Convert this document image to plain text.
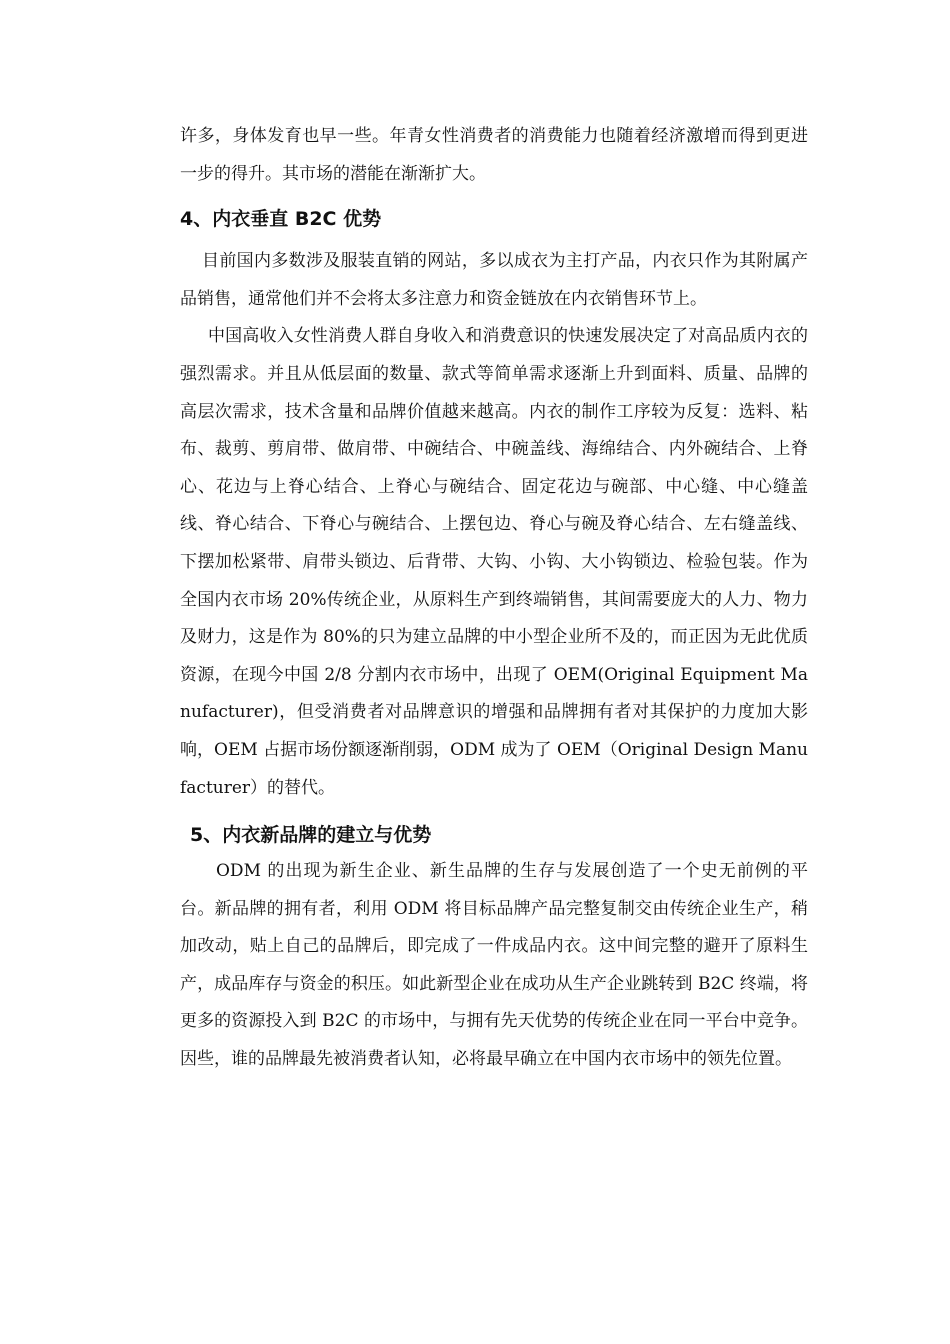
许多，身体发育也早一些。年青女性消费者的消费能力也随着经济激增而得到更进一步的得升。其市场的潜能在渐渐扩大。

4、内衣垂直 B2C 优势

目前国内多数涉及服装直销的网站，多以成衣为主打产品，内衣只作为其附属产品销售，通常他们并不会将太多注意力和资金链放在内衣销售环节上。

中国高收入女性消费人群自身收入和消费意识的快速发展决定了对高品质内衣的强烈需求。并且从低层面的数量、款式等简单需求逐渐上升到面料、质量、品牌的高层次需求，技术含量和品牌价值越来越高。内衣的制作工序较为反复：选料、粘布、裁剪、剪肩带、做肩带、中碗结合、中碗盖线、海绵结合、内外碗结合、上脊心、花边与上脊心结合、上脊心与碗结合、固定花边与碗部、中心缝、中心缝盖线、脊心结合、下脊心与碗结合、上摆包边、脊心与碗及脊心结合、左右缝盖线、下摆加松紧带、肩带头锁边、后背带、大钩、小钩、大小钩锁边、检验包装。作为全国内衣市场 20%传统企业，从原料生产到终端销售，其间需要庞大的人力、物力及财力，这是作为 80%的只为建立品牌的中小型企业所不及的，而正因为无此优质资源，在现今中国 2/8 分割内衣市场中，出现了 OEM(Original Equipment Manufacturer)，但受消费者对品牌意识的增强和品牌拥有者对其保护的力度加大影响，OEM 占据市场份额逐渐削弱，ODM 成为了 OEM（Original Design Manufacturer）的替代。

5、内衣新品牌的建立与优势

ODM 的出现为新生企业、新生品牌的生存与发展创造了一个史无前例的平台。新品牌的拥有者，利用 ODM 将目标品牌产品完整复制交由传统企业生产，稍加改动，贴上自己的品牌后，即完成了一件成品内衣。这中间完整的避开了原料生产，成品库存与资金的积压。如此新型企业在成功从生产企业跳转到 B2C 终端，将更多的资源投入到 B2C 的市场中，与拥有先天优势的传统企业在同一平台中竞争。因些，谁的品牌最先被消费者认知，必将最早确立在中国内衣市场中的领先位置。
